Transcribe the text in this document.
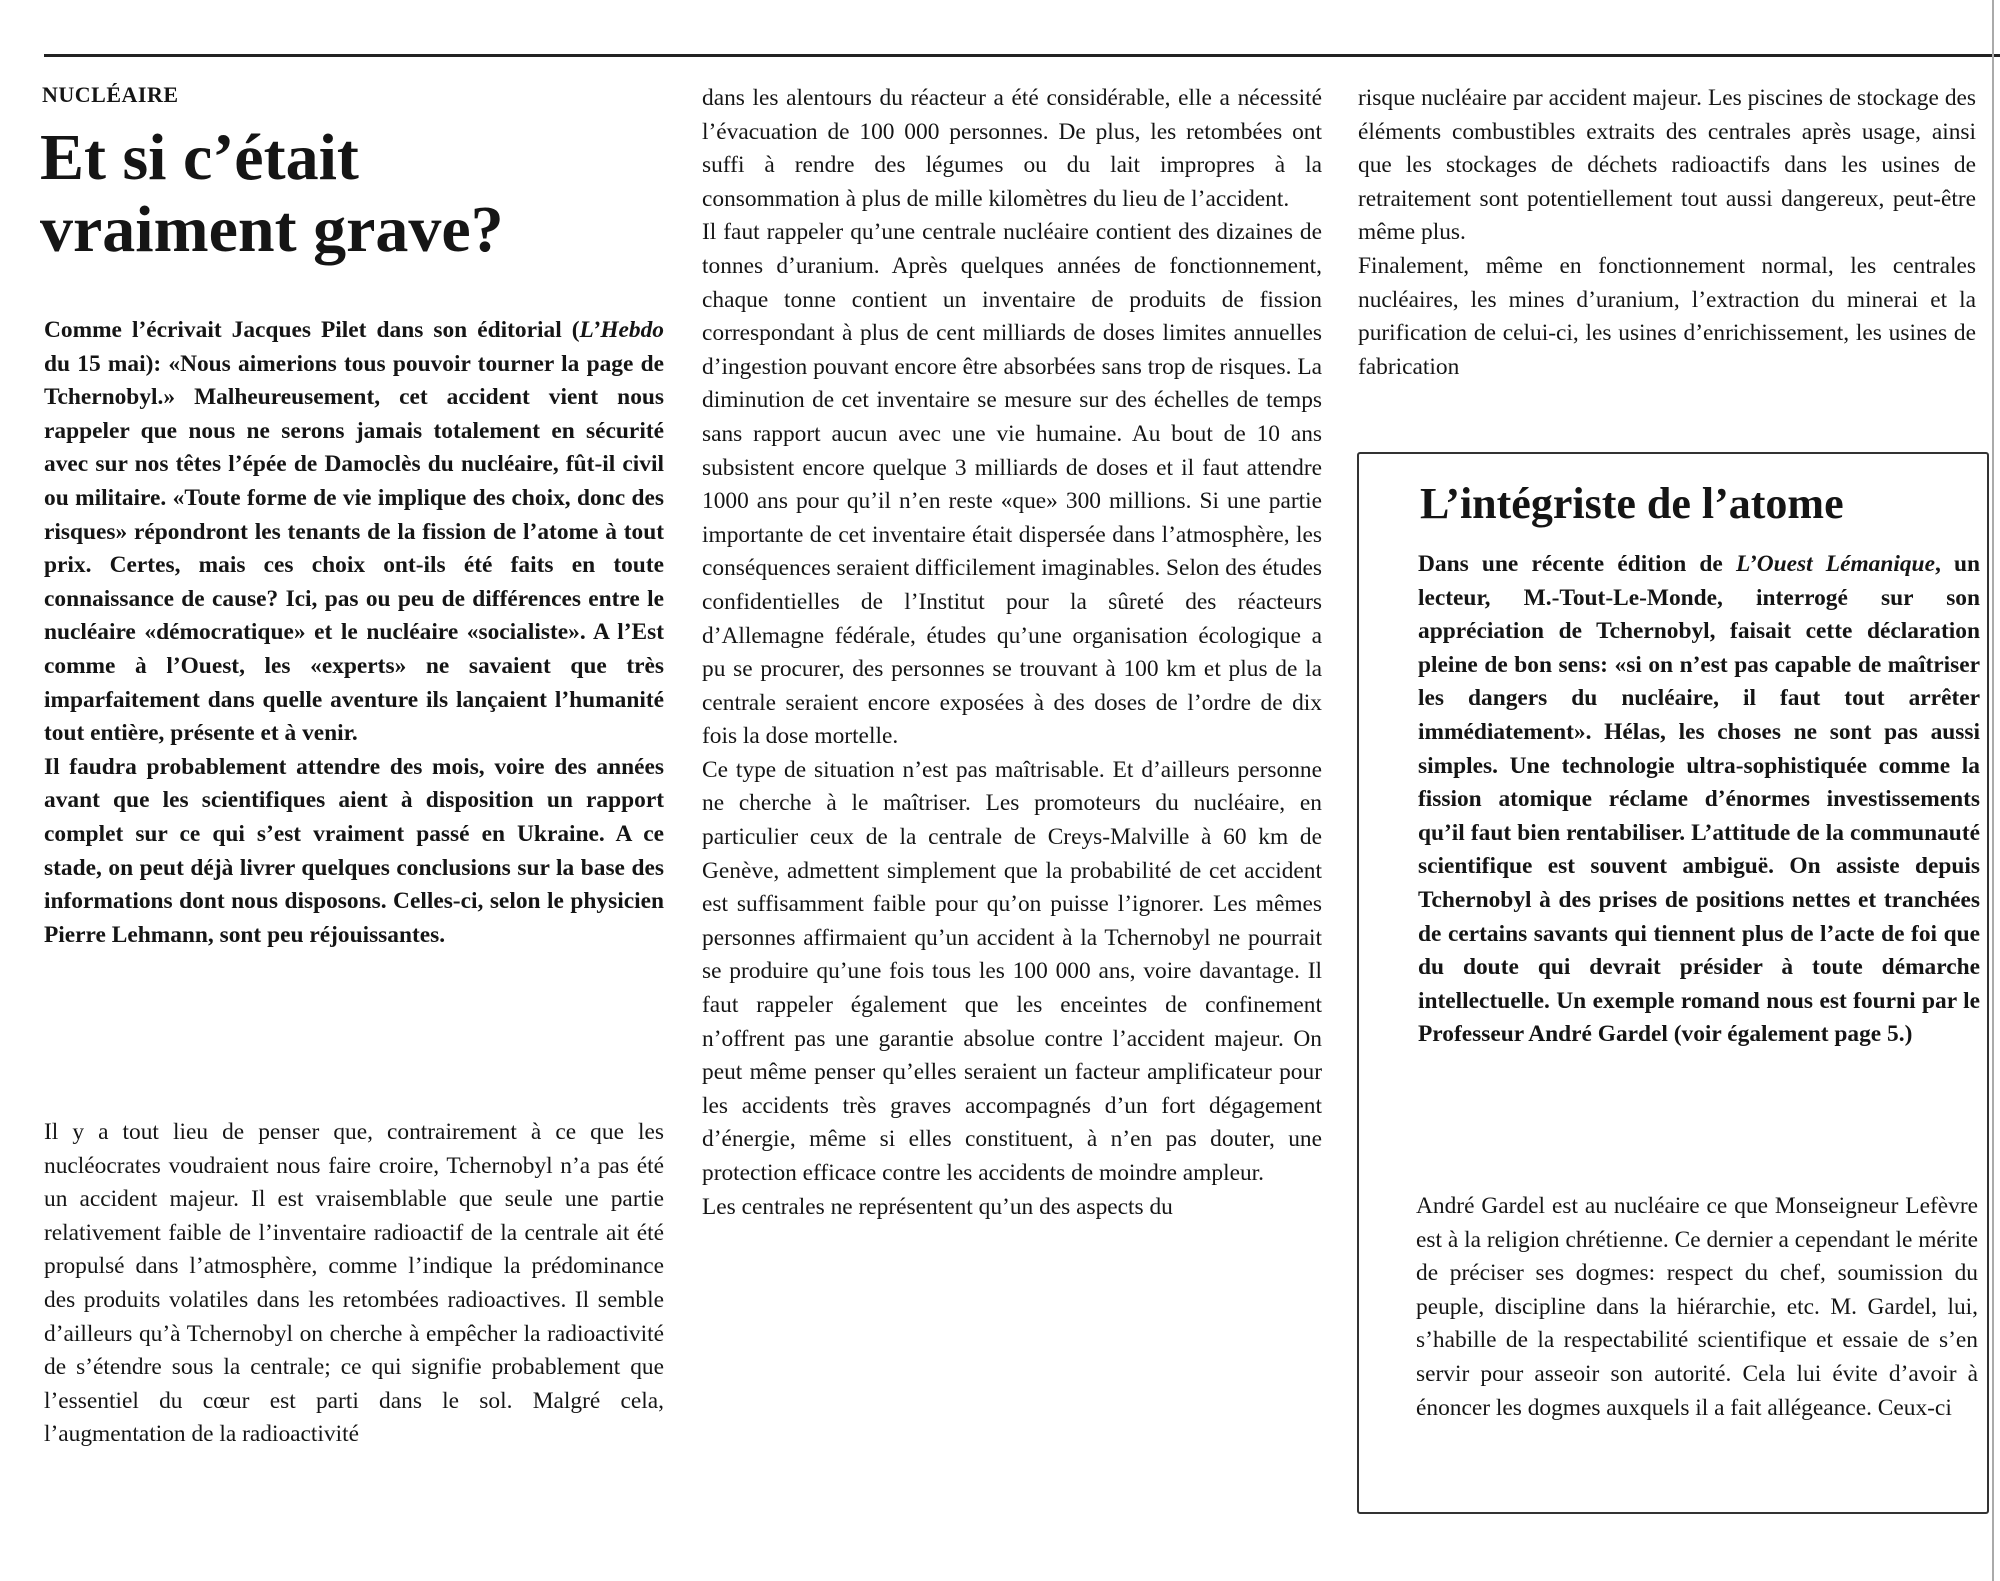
NUCLÉAIRE
Et si c’était
vraiment grave?

Comme l’écrivait Jacques Pilet dans son éditorial (L’Hebdo du 15 mai): «Nous aimerions tous pouvoir tourner la page de Tchernobyl.» Malheureusement, cet accident vient nous rappeler que nous ne serons jamais totalement en sécurité avec sur nos têtes l’épée de Damoclès du nucléaire, fût-il civil ou militaire. «Toute forme de vie implique des choix, donc des risques» répondront les tenants de la fission de l’atome à tout prix. Certes, mais ces choix ont-ils été faits en toute connaissance de cause? Ici, pas ou peu de différences entre le nucléaire «démocratique» et le nucléaire «socialiste». A l’Est comme à l’Ouest, les «experts» ne savaient que très imparfaitement dans quelle aventure ils lançaient l’humanité tout entière, présente et à venir.

Il faudra probablement attendre des mois, voire des années avant que les scientifiques aient à disposition un rapport complet sur ce qui s’est vraiment passé en Ukraine. A ce stade, on peut déjà livrer quelques conclusions sur la base des informations dont nous disposons. Celles-ci, selon le physicien Pierre Lehmann, sont peu réjouissantes.

Il y a tout lieu de penser que, contrairement à ce que les nucléocrates voudraient nous faire croire, Tchernobyl n’a pas été un accident majeur. Il est vraisemblable que seule une partie relativement faible de l’inventaire radioactif de la centrale ait été propulsé dans l’atmosphère, comme l’indique la prédominance des produits volatiles dans les retombées radioactives. Il semble d’ailleurs qu’à Tchernobyl on cherche à empêcher la radioactivité de s’étendre sous la centrale; ce qui signifie probablement que l’essentiel du cœur est parti dans le sol. Malgré cela, l’augmentation de la radioactivité

dans les alentours du réacteur a été considérable, elle a nécessité l’évacuation de 100 000 personnes. De plus, les retombées ont suffi à rendre des légumes ou du lait impropres à la consommation à plus de mille kilomètres du lieu de l’accident.

Il faut rappeler qu’une centrale nucléaire contient des dizaines de tonnes d’uranium. Après quelques années de fonctionnement, chaque tonne contient un inventaire de produits de fission correspondant à plus de cent milliards de doses limites annuelles d’ingestion pouvant encore être absorbées sans trop de risques. La diminution de cet inventaire se mesure sur des échelles de temps sans rapport aucun avec une vie humaine. Au bout de 10 ans subsistent encore quelque 3 milliards de doses et il faut attendre 1000 ans pour qu’il n’en reste «que» 300 millions. Si une partie importante de cet inventaire était dispersée dans l’atmosphère, les conséquences seraient difficilement imaginables. Selon des études confidentielles de l’Institut pour la sûreté des réacteurs d’Allemagne fédérale, études qu’une organisation écologique a pu se procurer, des personnes se trouvant à 100 km et plus de la centrale seraient encore exposées à des doses de l’ordre de dix fois la dose mortelle.

Ce type de situation n’est pas maîtrisable. Et d’ailleurs personne ne cherche à le maîtriser. Les promoteurs du nucléaire, en particulier ceux de la centrale de Creys-Malville à 60 km de Genève, admettent simplement que la probabilité de cet accident est suffisamment faible pour qu’on puisse l’ignorer. Les mêmes personnes affirmaient qu’un accident à la Tchernobyl ne pourrait se produire qu’une fois tous les 100 000 ans, voire davantage. Il faut rappeler également que les enceintes de confinement n’offrent pas une garantie absolue contre l’accident majeur. On peut même penser qu’elles seraient un facteur amplificateur pour les accidents très graves accompagnés d’un fort dégagement d’énergie, même si elles constituent, à n’en pas douter, une protection efficace contre les accidents de moindre ampleur.

Les centrales ne représentent qu’un des aspects du

risque nucléaire par accident majeur. Les piscines de stockage des éléments combustibles extraits des centrales après usage, ainsi que les stockages de déchets radioactifs dans les usines de retraitement sont potentiellement tout aussi dangereux, peut-être même plus.

Finalement, même en fonctionnement normal, les centrales nucléaires, les mines d’uranium, l’extraction du minerai et la purification de celui-ci, les usines d’enrichissement, les usines de fabrication

L’intégriste de l’atome

Dans une récente édition de L’Ouest Lémanique, un lecteur, M.-Tout-Le-Monde, interrogé sur son appréciation de Tchernobyl, faisait cette déclaration pleine de bon sens: «si on n’est pas capable de maîtriser les dangers du nucléaire, il faut tout arrêter immédiatement». Hélas, les choses ne sont pas aussi simples. Une technologie ultra-sophistiquée comme la fission atomique réclame d’énormes investissements qu’il faut bien rentabiliser. L’attitude de la communauté scientifique est souvent ambiguë. On assiste depuis Tchernobyl à des prises de positions nettes et tranchées de certains savants qui tiennent plus de l’acte de foi que du doute qui devrait présider à toute démarche intellectuelle. Un exemple romand nous est fourni par le Professeur André Gardel (voir également page 5.)

André Gardel est au nucléaire ce que Monseigneur Lefèvre est à la religion chrétienne. Ce dernier a cependant le mérite de préciser ses dogmes: respect du chef, soumission du peuple, discipline dans la hiérarchie, etc. M. Gardel, lui, s’habille de la respectabilité scientifique et essaie de s’en servir pour asseoir son autorité. Cela lui évite d’avoir à énoncer les dogmes auxquels il a fait allégeance. Ceux-ci
